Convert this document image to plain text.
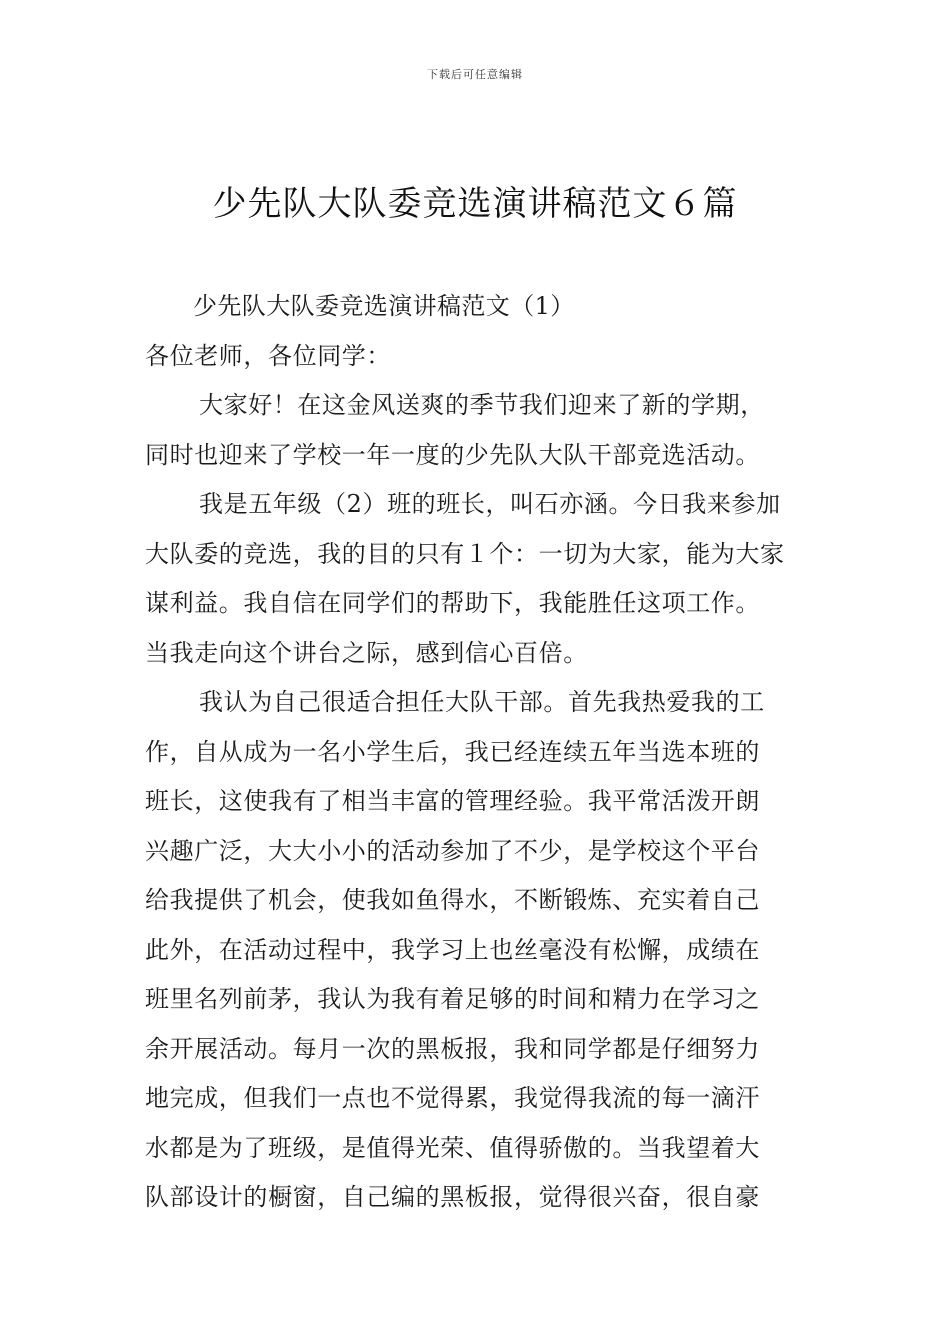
下载后可任意编辑
少先队大队委竞选演讲稿范文６篇
少先队大队委竞选演讲稿范文（1）
各位老师，各位同学：
大家好！在这金风送爽的季节我们迎来了新的学期，
同时也迎来了学校一年一度的少先队大队干部竞选活动。
我是五年级（2）班的班长，叫石亦涵。今日我来参加
大队委的竞选，我的目的只有１个：一切为大家，能为大家
谋利益。我自信在同学们的帮助下，我能胜任这项工作。
当我走向这个讲台之际，感到信心百倍。
我认为自己很适合担任大队干部。首先我热爱我的工
作，自从成为一名小学生后，我已经连续五年当选本班的
班长，这使我有了相当丰富的管理经验。我平常活泼开朗
兴趣广泛，大大小小的活动参加了不少，是学校这个平台
给我提供了机会，使我如鱼得水，不断锻炼、充实着自己
此外，在活动过程中，我学习上也丝毫没有松懈，成绩在
班里名列前茅，我认为我有着足够的时间和精力在学习之
余开展活动。每月一次的黑板报，我和同学都是仔细努力
地完成，但我们一点也不觉得累，我觉得我流的每一滴汗
水都是为了班级，是值得光荣、值得骄傲的。当我望着大
队部设计的橱窗，自己编的黑板报，觉得很兴奋，很自豪
